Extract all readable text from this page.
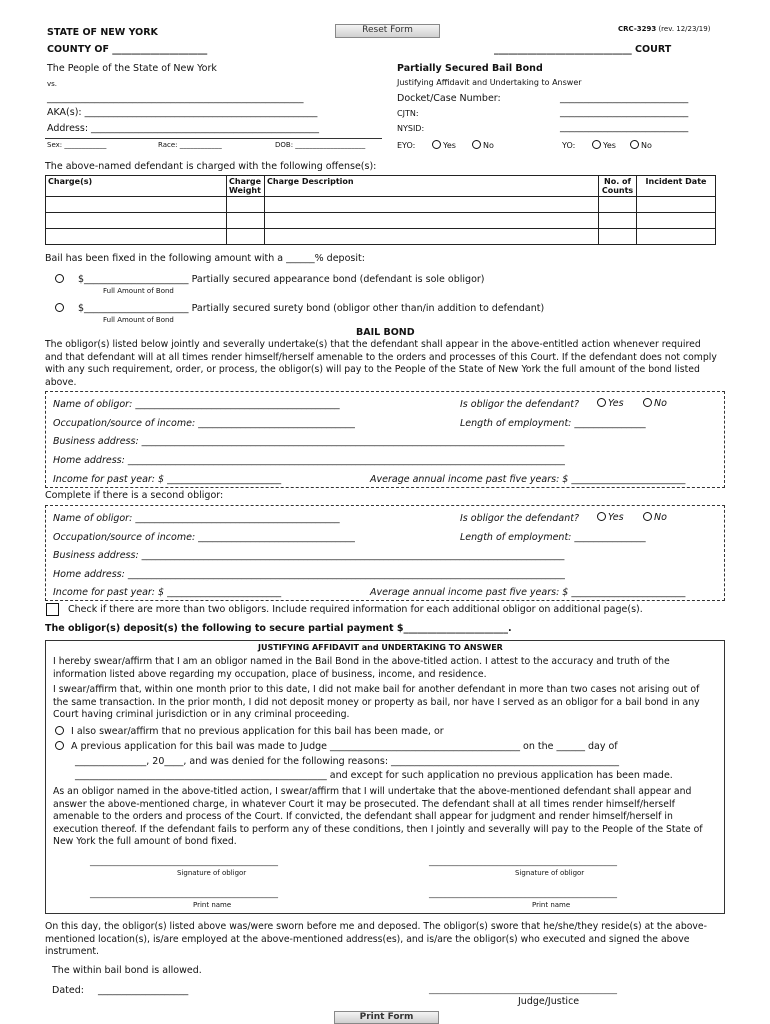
STATE OF NEW YORK
COUNTY OF ____________________
Reset Form	CRC-3293 (rev. 12/23/19)
_____________________________ COURT
The People of the State of New York
vs.
______________________________________________________
AKA(s): _________________________________________________
Address: ________________________________________________
Sex: ____________	Race: ____________	DOB: ____________________
Partially Secured Bail Bond
Justifying Affidavit and Undertaking to Answer
Docket/Case Number:	___________________________
CJTN:	___________________________
NYSID:	___________________________
EYO:	Yes	No	YO:	Yes	No
The above-named defendant is charged with the following offense(s):
Charge(s)	Charge Weight	Charge Description	No. of Counts	Incident Date

Bail has been fixed in the following amount with a ______% deposit:
$______________________ Partially secured appearance bond (defendant is sole obligor)
Full Amount of Bond
$______________________ Partially secured surety bond (obligor other than/in addition to defendant)
Full Amount of Bond
BAIL BOND
The obligor(s) listed below jointly and severally undertake(s) that the defendant shall appear in the above-entitled action whenever required and that defendant will at all times render himself/herself amenable to the orders and processes of this Court. If the defendant does not comply with any such requirement, order, or process, the obligor(s) will pay to the People of the State of New York the full amount of the bond listed above.
Name of obligor: ___________________________________________	Is obligor the defendant?	Yes	No
Occupation/source of income: _________________________________	Length of employment: _______________
Business address: _________________________________________________________________________________________
Home address: ____________________________________________________________________________________________
Income for past year: $ ________________________	Average annual income past five years: $ ________________________
Complete if there is a second obligor:
Name of obligor: ___________________________________________	Is obligor the defendant?	Yes	No
Occupation/source of income: _________________________________	Length of employment: _______________
Business address: _________________________________________________________________________________________
Home address: ____________________________________________________________________________________________
Income for past year: $ ________________________	Average annual income past five years: $ ________________________
Check if there are more than two obligors. Include required information for each additional obligor on additional page(s).
The obligor(s) deposit(s) the following to secure partial payment $______________________.
JUSTIFYING AFFIDAVIT and UNDERTAKING TO ANSWER
I hereby swear/affirm that I am an obligor named in the Bail Bond in the above-titled action. I attest to the accuracy and truth of the information listed above regarding my occupation, place of business, income, and residence.
I swear/affirm that, within one month prior to this date, I did not make bail for another defendant in more than two cases not arising out of the same transaction. In the prior month, I did not deposit money or property as bail, nor have I served as an obligor for a bail bond in any Court having criminal jurisdiction or in any criminal proceeding.
I also swear/affirm that no previous application for this bail has been made, or
A previous application for this bail was made to Judge ________________________________________ on the ______ day of
_______________, 20____, and was denied for the following reasons: ________________________________________________
_____________________________________________________ and except for such application no previous application has been made.
As an obligor named in the above-titled action, I swear/affirm that I will undertake that the above-mentioned defendant shall appear and answer the above-mentioned charge, in whatever Court it may be prosecuted. The defendant shall at all times render himself/herself amenable to the orders and process of the Court. If convicted, the defendant shall appear for judgment and render himself/herself in execution thereof. If the defendant fails to perform any of these conditions, then I jointly and severally will pay to the People of the State of New York the full amount of bond fixed.
_______________________________________________
Signature of obligor
_______________________________________________
Signature of obligor
_______________________________________________
Print name
_______________________________________________
Print name
On this day, the obligor(s) listed above was/were sworn before me and deposed. The obligor(s) swore that he/she/they reside(s) at the above-mentioned location(s), is/are employed at the above-mentioned address(es), and is/are the obligor(s) who executed and signed the above instrument.
The within bail bond is allowed.
Dated: ___________________	_______________________________________________
Judge/Justice
Print Form
